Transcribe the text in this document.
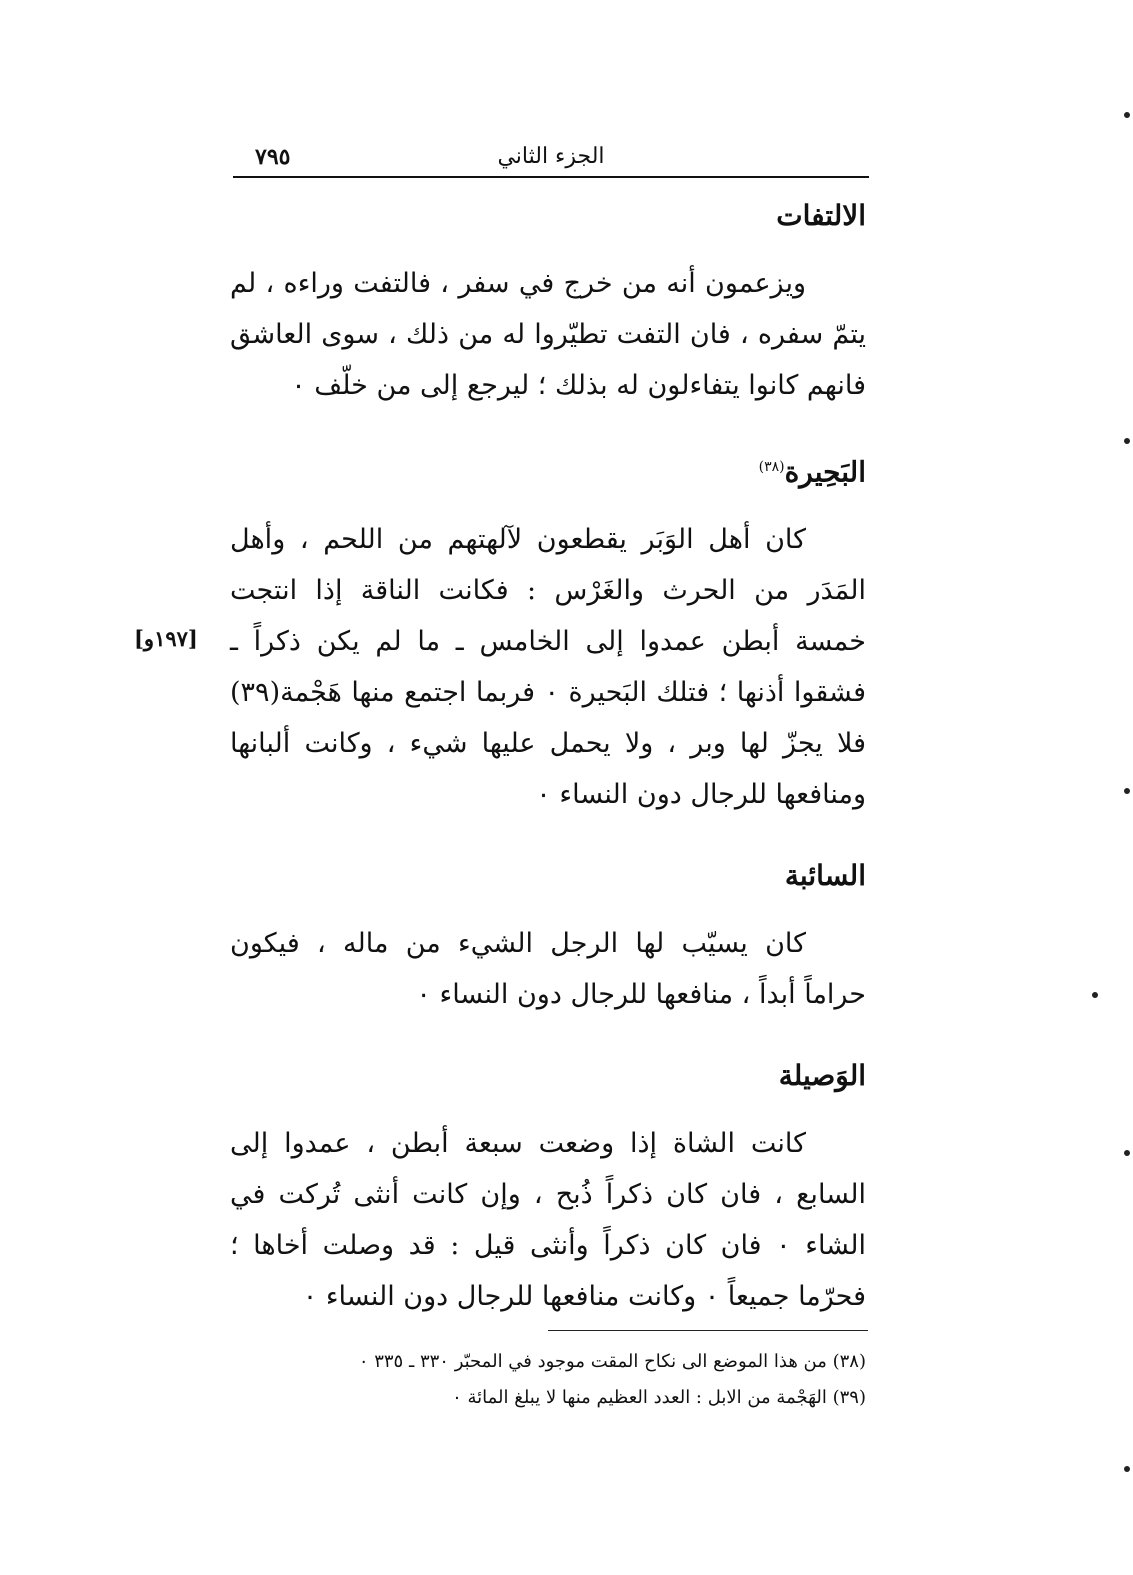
٧٩٥	الجزء الثاني
الالتفات

ويزعمون أنه من خرج في سفر ، فالتفت وراءه ، لم يتمّ سفره ، فان التفت تطيّروا له من ذلك ، سوى العاشق فانهم كانوا يتفاءلون له بذلك ؛ ليرجع إلى من خلّف ٠

البَحِيرة$^{(٣٨)}$

كان أهل الوَبَر يقطعون لآلهتهم من اللحم ، وأهل المَدَر من الحرث والغَرْس : فكانت الناقة إذا انتجت خمسة أبطن عمدوا إلى الخامس ـ ما لم يكن ذكراً ـ فشقوا أذنها ؛ فتلك البَحيرة ٠ فربما اجتمع منها هَجْمة(٣٩) فلا يجزّ لها وبر ، ولا يحمل عليها شيء ، وكانت ألبانها ومنافعها للرجال دون النساء ٠

السائبة

كان يسيّب لها الرجل الشيء من ماله ، فيكون حراماً أبداً ، منافعها للرجال دون النساء ٠

الوَصيلة

كانت الشاة إذا وضعت سبعة أبطن ، عمدوا إلى السابع ، فان كان ذكراً ذُبح ، وإن كانت أنثى تُركت في الشاء ٠ فان كان ذكراً وأنثى قيل : قد وصلت أخاها ؛ فحرّما جميعاً ٠ وكانت منافعها للرجال دون النساء ٠

[١٩٧و]

(٣٨) من هذا الموضع الى نكاح المقت موجود في المحبّر ٣٣٠ ـ ٣٣٥ ٠

(٣٩) الهَجْمة من الابل : العدد العظيم منها لا يبلغ المائة ٠
